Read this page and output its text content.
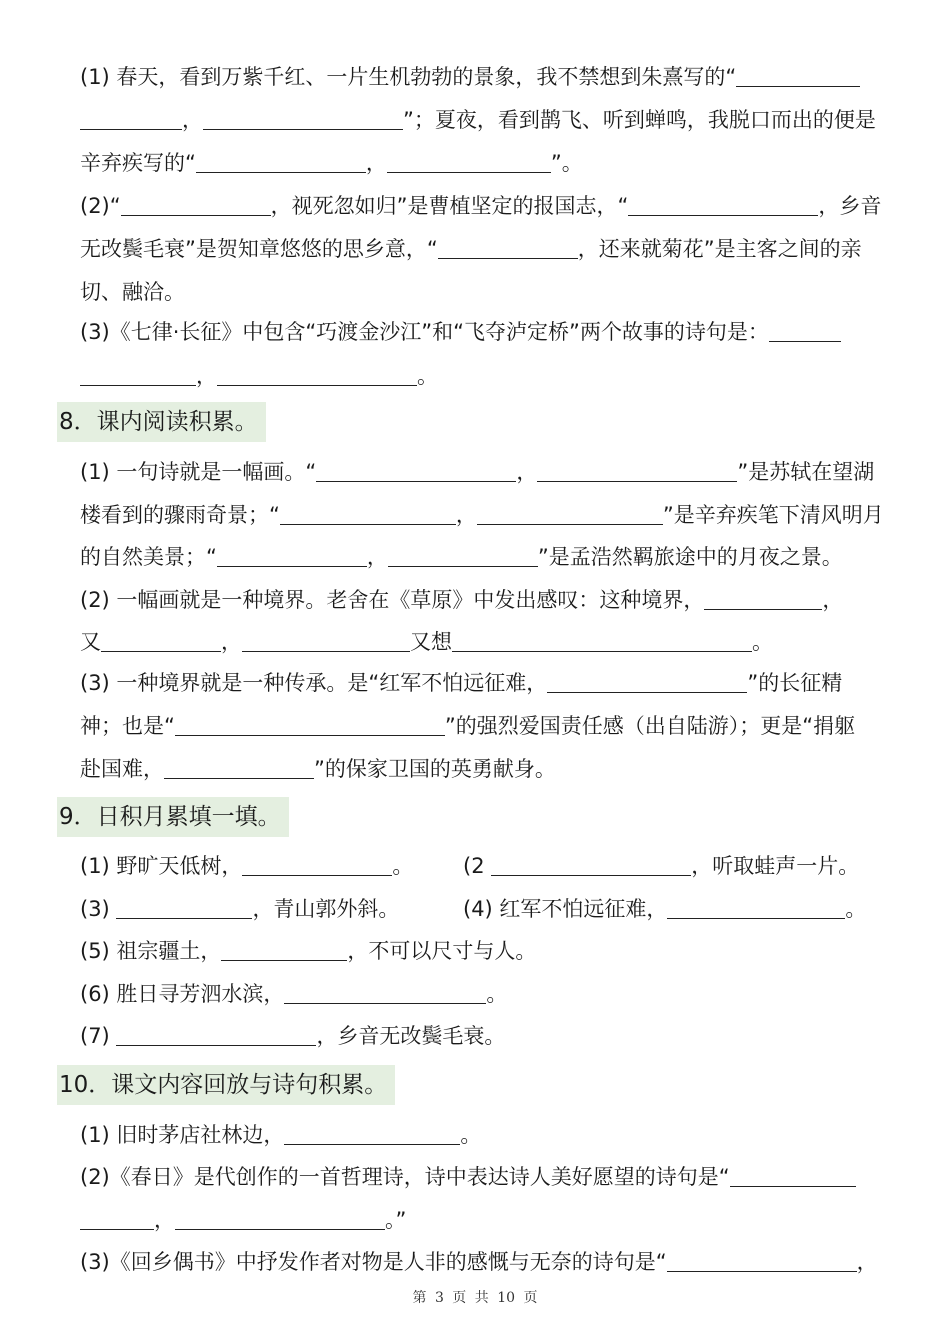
(1) 春天，看到万紫千红、一片生机勃勃的景象，我不禁想到朱熹写的“
，	”；夏夜，看到鹊飞、听到蝉鸣，我脱口而出的便是
辛弃疾写的“	，	”。
(2)“	，视死忽如归”是曹植坚定的报国志，“	，乡音
无改鬓毛衰”是贺知章悠悠的思乡意，“	，还来就菊花”是主客之间的亲
切、融洽。
(3)《七律·长征》中包含“巧渡金沙江”和“飞夺泸定桥”两个故事的诗句是：
，	。
8．课内阅读积累。
(1) 一句诗就是一幅画。“	，	”是苏轼在望湖
楼看到的骤雨奇景；“	，	”是辛弃疾笔下清风明月
的自然美景；“	，	”是孟浩然羁旅途中的月夜之景。
(2) 一幅画就是一种境界。老舍在《草原》中发出感叹：这种境界，	，
又	，	又想	。
(3) 一种境界就是一种传承。是“红军不怕远征难，	”的长征精
神；也是“	”的强烈爱国责任感（出自陆游）；更是“捐躯
赴国难，	”的保家卫国的英勇献身。
9．日积月累填一填。
(1) 野旷天低树，	。 (2	，听取蛙声一片。
(3)	，青山郭外斜。	(4) 红军不怕远征难，	。
(5) 祖宗疆土，	，不可以尺寸与人。
(6) 胜日寻芳泗水滨，	。
(7)	，乡音无改鬓毛衰。
10．课文内容回放与诗句积累。
(1) 旧时茅店社林边，	。
(2)《春日》是代创作的一首哲理诗，诗中表达诗人美好愿望的诗句是“
，	。”
(3)《回乡偶书》中抒发作者对物是人非的感慨与无奈的诗句是“	，
第 3 页 共 10 页
